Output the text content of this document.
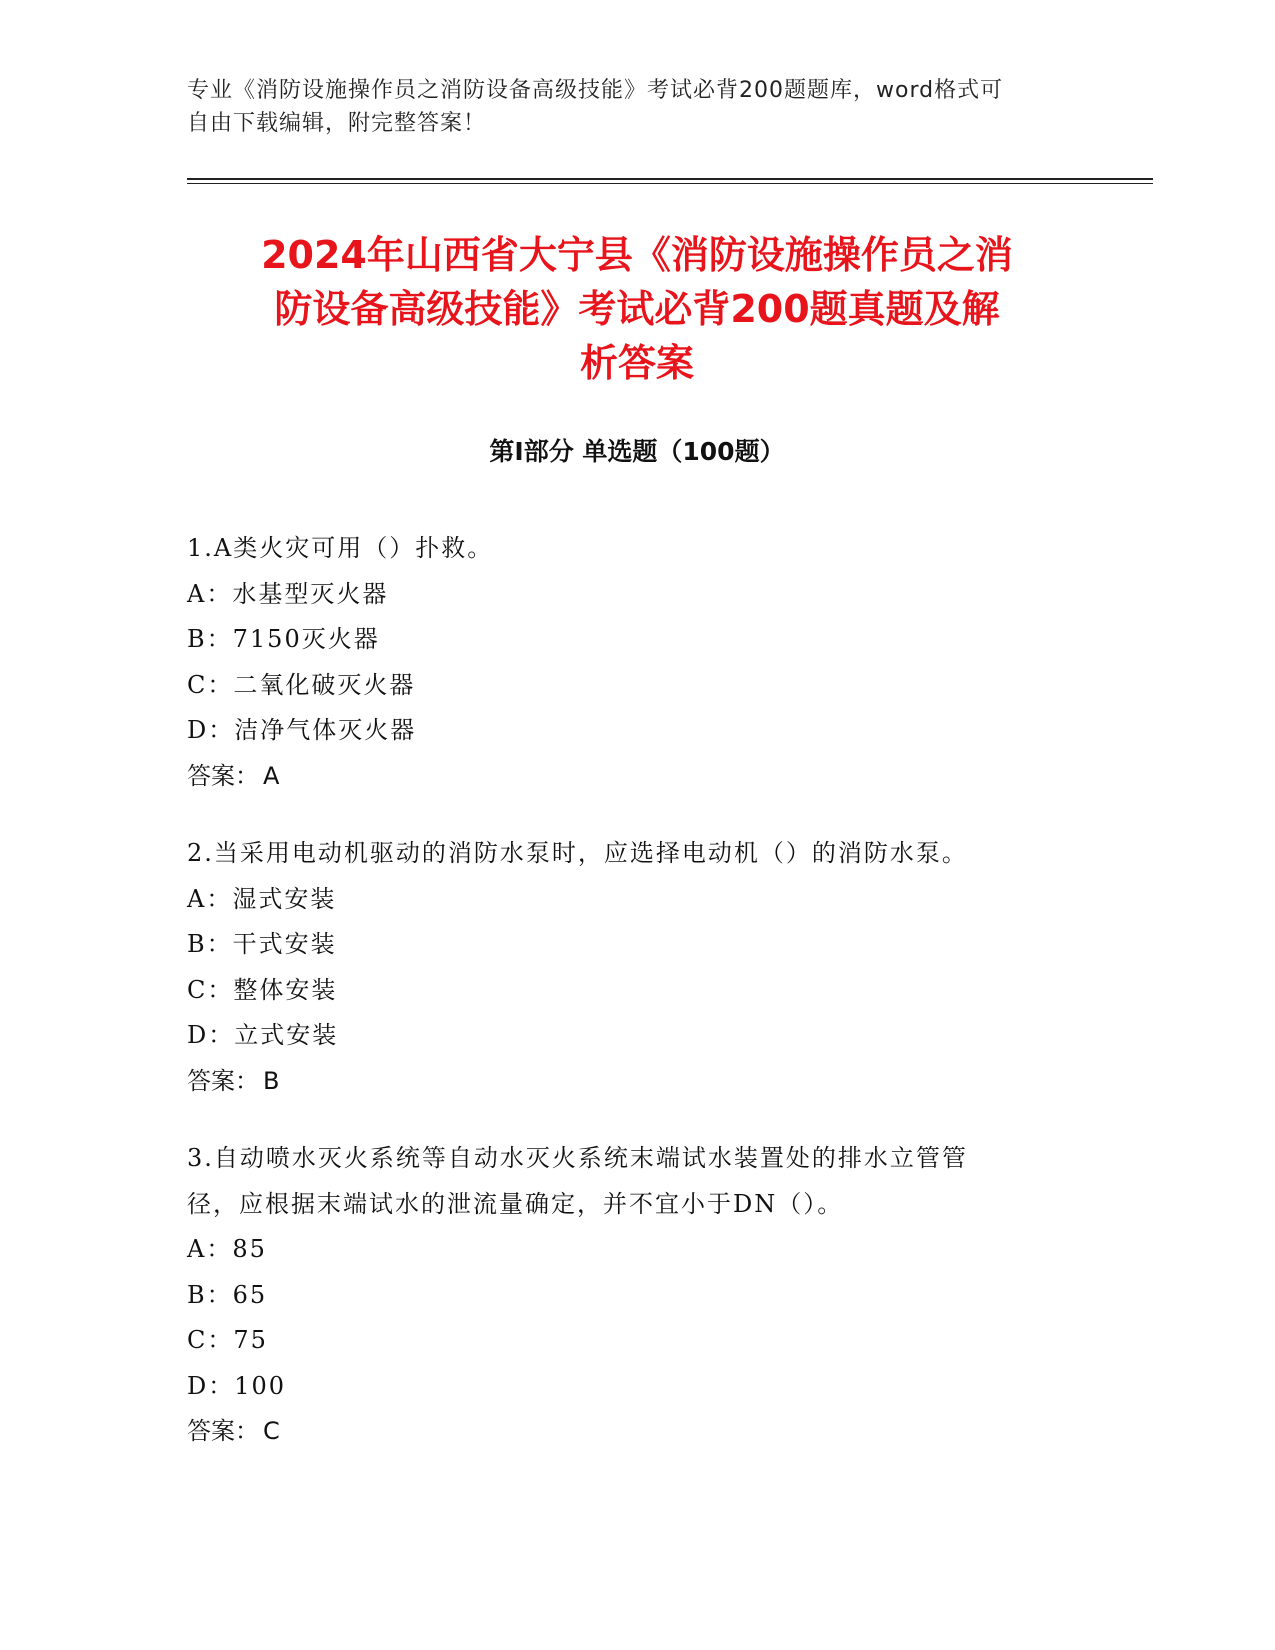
专业《消防设施操作员之消防设备高级技能》考试必背200题题库，word格式可

自由下载编辑，附完整答案！

2024年山西省大宁县《消防设施操作员之消
防设备高级技能》考试必背200题真题及解
析答案
第I部分 单选题（100题）

1.A类火灾可用（）扑救。

A：水基型灭火器

B：7150灭火器

C：二氧化破灭火器

D：洁净气体灭火器

答案： A

2.当采用电动机驱动的消防水泵时，应选择电动机（）的消防水泵。

A：湿式安装

B：干式安装

C：整体安装

D：立式安装

答案： B

3.自动喷水灭火系统等自动水灭火系统末端试水装置处的排水立管管

径，应根据末端试水的泄流量确定，并不宜小于DN（）。

A：85

B：65

C：75

D：100

答案： C
